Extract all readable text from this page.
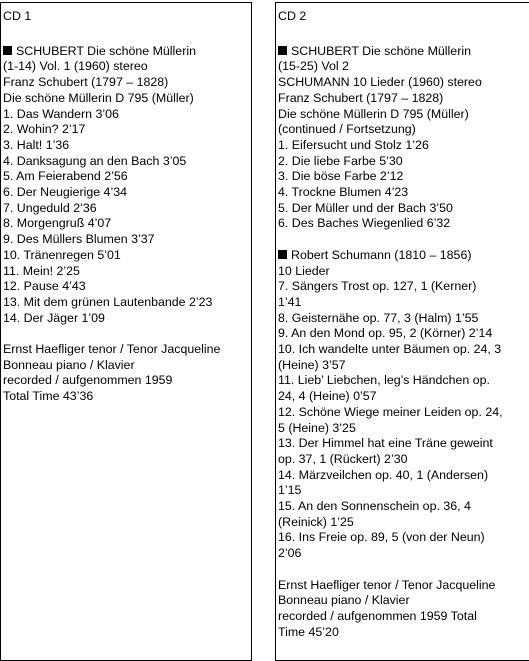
CD 1
SCHUBERT Die schöne Müllerin
(1-14) Vol. 1 (1960) stereo
Franz Schubert (1797 – 1828)
Die schöne Müllerin D 795 (Müller)
1. Das Wandern 3’06
2. Wohin? 2’17
3. Halt! 1’36
4. Danksagung an den Bach 3’05
5. Am Feierabend 2’56
6. Der Neugierige 4’34
7. Ungeduld 2’36
8. Morgengruß 4’07
9. Des Müllers Blumen 3’37
10. Tränenregen 5’01
11. Mein! 2’25
12. Pause 4’43
13. Mit dem grünen Lautenbande 2’23
14. Der Jäger 1’09
Ernst Haefliger tenor / Tenor Jacqueline
Bonneau piano / Klavier
recorded / aufgenommen 1959
Total Time 43’36
CD 2
SCHUBERT Die schöne Müllerin
(15-25) Vol 2
SCHUMANN 10 Lieder (1960) stereo
Franz Schubert (1797 – 1828)
Die schöne Müllerin D 795 (Müller)
(continued / Fortsetzung)
1. Eifersucht und Stolz 1’26
2. Die liebe Farbe 5’30
3. Die böse Farbe 2’12
4. Trockne Blumen 4’23
5. Der Müller und der Bach 3’50
6. Des Baches Wiegenlied 6’32
Robert Schumann (1810 – 1856)
10 Lieder
7. Sängers Trost op. 127, 1 (Kerner)
1’41
8. Geisternähe op. 77, 3 (Halm) 1’55
9. An den Mond op. 95, 2 (Körner) 2’14
10. Ich wandelte unter Bäumen op. 24, 3
(Heine) 3’57
11. Lieb’ Liebchen, leg’s Händchen op.
24, 4 (Heine) 0’57
12. Schöne Wiege meiner Leiden op. 24,
5 (Heine) 3’25
13. Der Himmel hat eine Träne geweint
op. 37, 1 (Rückert) 2’30
14. Märzveilchen op. 40, 1 (Andersen)
1’15
15. An den Sonnenschein op. 36, 4
(Reinick) 1’25
16. Ins Freie op. 89, 5 (von der Neun)
2’06
Ernst Haefliger tenor / Tenor Jacqueline
Bonneau piano / Klavier
recorded / aufgenommen 1959 Total
Time 45’20
